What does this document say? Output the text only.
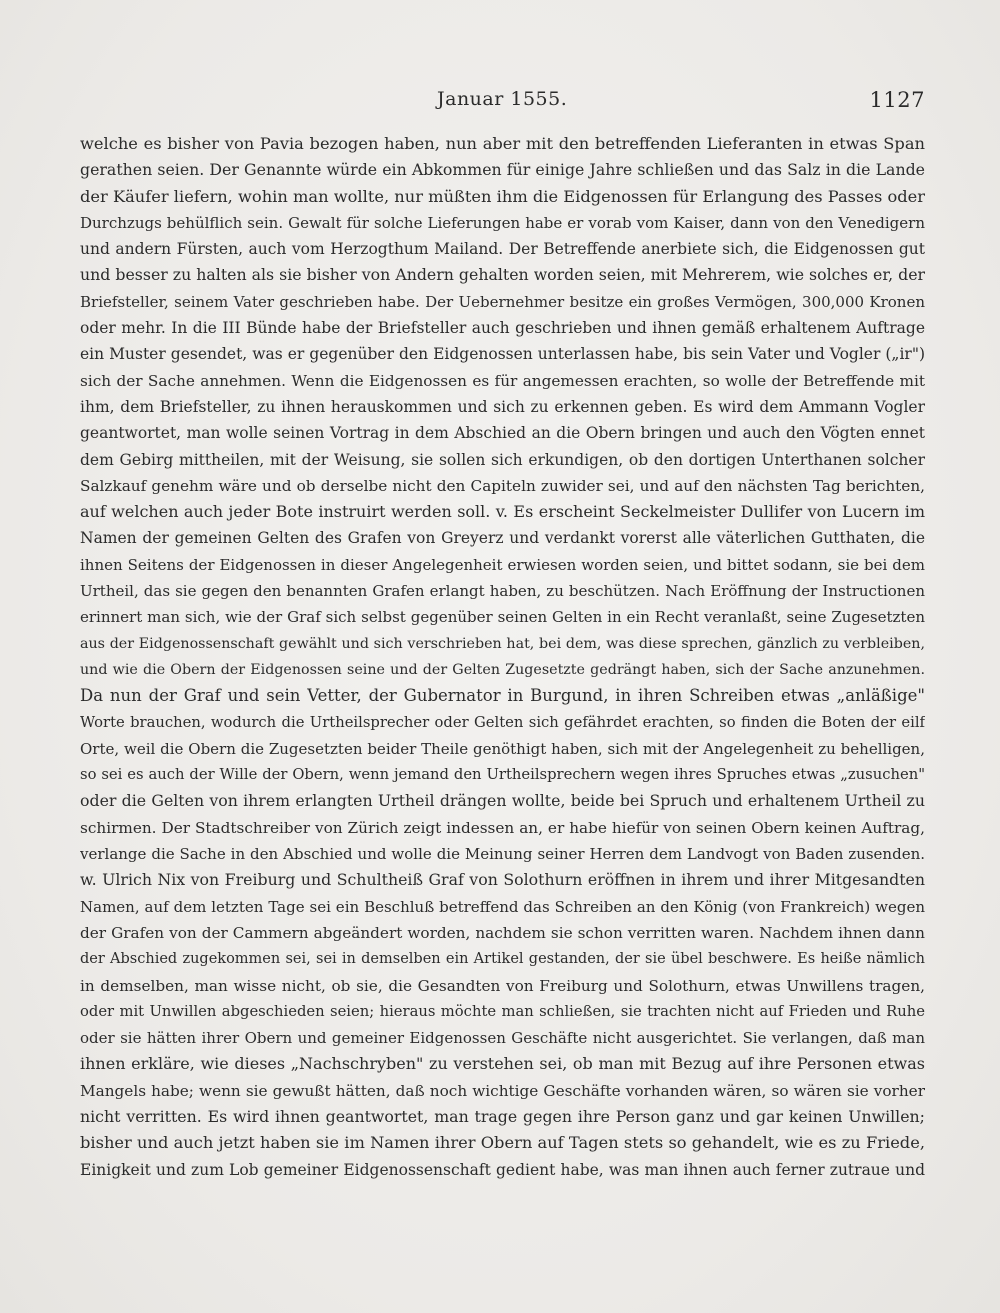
Januar 1555.	1127
welche es bisher von Pavia bezogen haben, nun aber mit den betreffenden Lieferanten in etwas Span
gerathen seien. Der Genannte würde ein Abkommen für einige Jahre schließen und das Salz in die Lande
der Käufer liefern, wohin man wollte, nur müßten ihm die Eidgenossen für Erlangung des Passes oder
Durchzugs behülflich sein. Gewalt für solche Lieferungen habe er vorab vom Kaiser, dann von den Venedigern
und andern Fürsten, auch vom Herzogthum Mailand. Der Betreffende anerbiete sich, die Eidgenossen gut
und besser zu halten als sie bisher von Andern gehalten worden seien, mit Mehrerem, wie solches er, der
Briefsteller, seinem Vater geschrieben habe. Der Uebernehmer besitze ein großes Vermögen, 300,000 Kronen
oder mehr. In die III Bünde habe der Briefsteller auch geschrieben und ihnen gemäß erhaltenem Auftrage
ein Muster gesendet, was er gegenüber den Eidgenossen unterlassen habe, bis sein Vater und Vogler („ir")
sich der Sache annehmen. Wenn die Eidgenossen es für angemessen erachten, so wolle der Betreffende mit
ihm, dem Briefsteller, zu ihnen herauskommen und sich zu erkennen geben. Es wird dem Ammann Vogler
geantwortet, man wolle seinen Vortrag in dem Abschied an die Obern bringen und auch den Vögten ennet
dem Gebirg mittheilen, mit der Weisung, sie sollen sich erkundigen, ob den dortigen Unterthanen solcher
Salzkauf genehm wäre und ob derselbe nicht den Capiteln zuwider sei, und auf den nächsten Tag berichten,
auf welchen auch jeder Bote instruirt werden soll. v. Es erscheint Seckelmeister Dullifer von Lucern im
Namen der gemeinen Gelten des Grafen von Greyerz und verdankt vorerst alle väterlichen Gutthaten, die
ihnen Seitens der Eidgenossen in dieser Angelegenheit erwiesen worden seien, und bittet sodann, sie bei dem
Urtheil, das sie gegen den benannten Grafen erlangt haben, zu beschützen. Nach Eröffnung der Instructionen
erinnert man sich, wie der Graf sich selbst gegenüber seinen Gelten in ein Recht veranlaßt, seine Zugesetzten
aus der Eidgenossenschaft gewählt und sich verschrieben hat, bei dem, was diese sprechen, gänzlich zu verbleiben,
und wie die Obern der Eidgenossen seine und der Gelten Zugesetzte gedrängt haben, sich der Sache anzunehmen.
Da nun der Graf und sein Vetter, der Gubernator in Burgund, in ihren Schreiben etwas „anläßige"
Worte brauchen, wodurch die Urtheilsprecher oder Gelten sich gefährdet erachten, so finden die Boten der eilf
Orte, weil die Obern die Zugesetzten beider Theile genöthigt haben, sich mit der Angelegenheit zu behelligen,
so sei es auch der Wille der Obern, wenn jemand den Urtheilsprechern wegen ihres Spruches etwas „zusuchen"
oder die Gelten von ihrem erlangten Urtheil drängen wollte, beide bei Spruch und erhaltenem Urtheil zu
schirmen. Der Stadtschreiber von Zürich zeigt indessen an, er habe hiefür von seinen Obern keinen Auftrag,
verlange die Sache in den Abschied und wolle die Meinung seiner Herren dem Landvogt von Baden zusenden.
w. Ulrich Nix von Freiburg und Schultheiß Graf von Solothurn eröffnen in ihrem und ihrer Mitgesandten
Namen, auf dem letzten Tage sei ein Beschluß betreffend das Schreiben an den König (von Frankreich) wegen
der Grafen von der Cammern abgeändert worden, nachdem sie schon verritten waren. Nachdem ihnen dann
der Abschied zugekommen sei, sei in demselben ein Artikel gestanden, der sie übel beschwere. Es heiße nämlich
in demselben, man wisse nicht, ob sie, die Gesandten von Freiburg und Solothurn, etwas Unwillens tragen,
oder mit Unwillen abgeschieden seien; hieraus möchte man schließen, sie trachten nicht auf Frieden und Ruhe
oder sie hätten ihrer Obern und gemeiner Eidgenossen Geschäfte nicht ausgerichtet. Sie verlangen, daß man
ihnen erkläre, wie dieses „Nachschryben" zu verstehen sei, ob man mit Bezug auf ihre Personen etwas
Mangels habe; wenn sie gewußt hätten, daß noch wichtige Geschäfte vorhanden wären, so wären sie vorher
nicht verritten. Es wird ihnen geantwortet, man trage gegen ihre Person ganz und gar keinen Unwillen;
bisher und auch jetzt haben sie im Namen ihrer Obern auf Tagen stets so gehandelt, wie es zu Friede,
Einigkeit und zum Lob gemeiner Eidgenossenschaft gedient habe, was man ihnen auch ferner zutraue und
